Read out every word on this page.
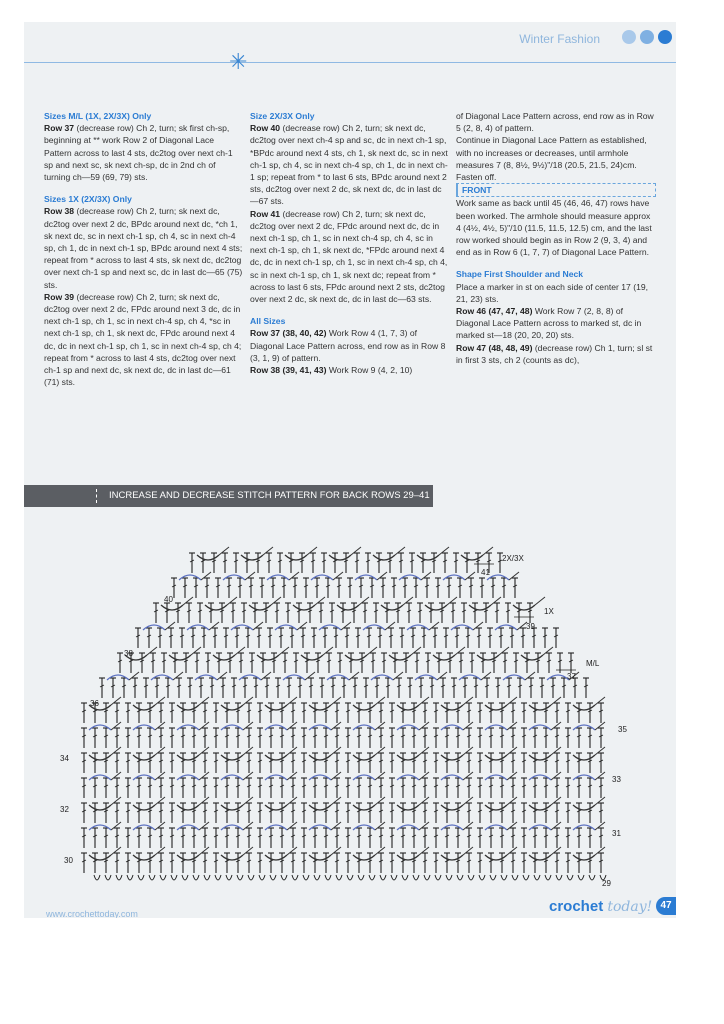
Winter Fashion
✳

Sizes M/L (1X, 2X/3X) Only

Row 37 (decrease row) Ch 2, turn; sk first ch-sp, beginning at ** work Row 2 of Diagonal Lace Pattern across to last 4 sts, dc2tog over next ch-1 sp and next sc, sk next ch-sp, dc in 2nd ch of turning ch—59 (69, 79) sts.

Sizes 1X (2X/3X) Only

Row 38 (decrease row) Ch 2, turn; sk next dc, dc2tog over next 2 dc, BPdc around next dc, *ch 1, sk next dc, sc in next ch-1 sp, ch 4, sc in next ch-4 sp, ch 1, dc in next ch-1 sp, BPdc around next 4 sts; repeat from * across to last 4 sts, sk next dc, dc2tog over next ch-1 sp and next sc, dc in last dc—65 (75) sts.

Row 39 (decrease row) Ch 2, turn; sk next dc, dc2tog over next 2 dc, FPdc around next 3 dc, dc in next ch-1 sp, ch 1, sc in next ch-4 sp, ch 4, *sc in next ch-1 sp, ch 1, sk next dc, FPdc around next 4 dc, dc in next ch-1 sp, ch 1, sc in next ch-4 sp, ch 4; repeat from * across to last 4 sts, dc2tog over next ch-1 sp and next dc, sk next dc, dc in last dc—61 (71) sts.

Size 2X/3X Only

Row 40 (decrease row) Ch 2, turn; sk next dc, dc2tog over next ch-4 sp and sc, dc in next ch-1 sp, *BPdc around next 4 sts, ch 1, sk next dc, sc in next ch-1 sp, ch 4, sc in next ch-4 sp, ch 1, dc in next ch-1 sp; repeat from * to last 6 sts, BPdc around next 2 sts, dc2tog over next 2 dc, sk next dc, dc in last dc—67 sts.

Row 41 (decrease row) Ch 2, turn; sk next dc, dc2tog over next 2 dc, FPdc around next dc, dc in next ch-1 sp, ch 1, sc in next ch-4 sp, ch 4, sc in next ch-1 sp, ch 1, sk next dc, *FPdc around next 4 dc, dc in next ch-1 sp, ch 1, sc in next ch-4 sp, ch 4, sc in next ch-1 sp, ch 1, sk next dc; repeat from * across to last 6 sts, FPdc around next 2 sts, dc2tog over next 2 dc, sk next dc, dc in last dc—63 sts.

All Sizes

Row 37 (38, 40, 42) Work Row 4 (1, 7, 3) of Diagonal Lace Pattern across, end row as in Row 8 (3, 1, 9) of pattern.

Row 38 (39, 41, 43) Work Row 9 (4, 2, 10)

of Diagonal Lace Pattern across, end row as in Row 5 (2, 8, 4) of pattern.

Continue in Diagonal Lace Pattern as established, with no increases or decreases, until armhole measures 7 (8, 8½, 9½)"/18 (20.5, 21.5, 24)cm. Fasten off.

FRONT

Work same as back until 45 (46, 46, 47) rows have been worked. The armhole should measure approx 4 (4½, 4½, 5)"/10 (11.5, 11.5, 12.5) cm, and the last row worked should begin as in Row 2 (9, 3, 4) and end as in Row 6 (1, 7, 7) of Diagonal Lace Pattern.

Shape First Shoulder and Neck

Place a marker in st on each side of center 17 (19, 21, 23) sts.

Row 46 (47, 47, 48) Work Row 7 (2, 8, 8) of Diagonal Lace Pattern across to marked st, dc in marked st—18 (20, 20, 20) sts.

Row 47 (48, 48, 49) (decrease row) Ch 1, turn; sl st in first 3 sts, ch 2 (counts as dc),

INCREASE AND DECREASE STITCH PATTERN FOR BACK ROWS 29–41
40
38
36
34
32
30
41
39
37
35
33
31
29
2X/3X
1X
M/L
www.crochettoday.com	crochet today! 47
